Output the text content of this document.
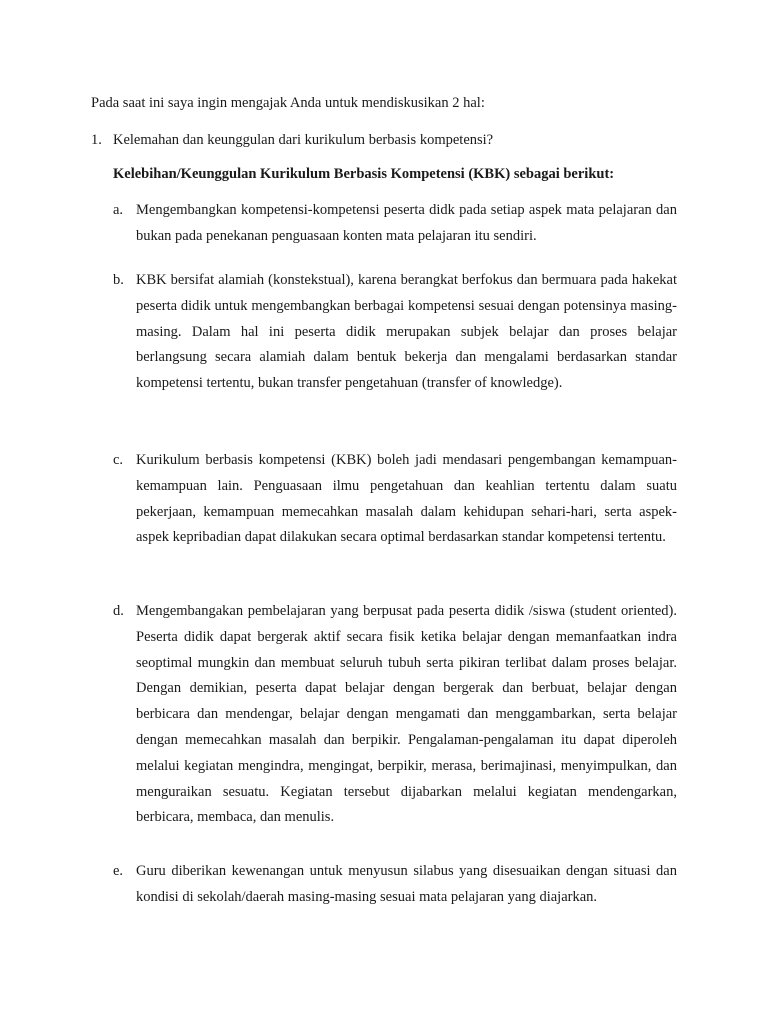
Pada saat ini saya ingin mengajak Anda untuk mendiskusikan 2 hal:
1. Kelemahan dan keunggulan dari kurikulum berbasis kompetensi?
Kelebihan/Keunggulan Kurikulum Berbasis Kompetensi (KBK) sebagai berikut:
a. Mengembangkan kompetensi-kompetensi peserta didk pada setiap aspek mata pelajaran dan bukan pada penekanan penguasaan konten mata pelajaran itu sendiri.
b. KBK bersifat alamiah (konstekstual), karena berangkat berfokus dan bermuara pada hakekat peserta didik untuk mengembangkan berbagai kompetensi sesuai dengan potensinya masing-masing. Dalam hal ini peserta didik merupakan subjek belajar dan proses belajar berlangsung secara alamiah dalam bentuk bekerja dan mengalami berdasarkan standar kompetensi tertentu, bukan transfer pengetahuan (transfer of knowledge).
c. Kurikulum berbasis kompetensi (KBK) boleh jadi mendasari pengembangan kemampuan-kemampuan lain. Penguasaan ilmu pengetahuan dan keahlian tertentu dalam suatu pekerjaan, kemampuan memecahkan masalah dalam kehidupan sehari-hari, serta aspek-aspek kepribadian dapat dilakukan secara optimal berdasarkan standar kompetensi tertentu.
d. Mengembangakan pembelajaran yang berpusat pada peserta didik /siswa (student oriented). Peserta didik dapat bergerak aktif secara fisik ketika belajar dengan memanfaatkan indra seoptimal mungkin dan membuat seluruh tubuh serta pikiran terlibat dalam proses belajar. Dengan demikian, peserta dapat belajar dengan bergerak dan berbuat, belajar dengan berbicara dan mendengar, belajar dengan mengamati dan menggambarkan, serta belajar dengan memecahkan masalah dan berpikir. Pengalaman-pengalaman itu dapat diperoleh melalui kegiatan mengindra, mengingat, berpikir, merasa, berimajinasi, menyimpulkan, dan menguraikan sesuatu. Kegiatan tersebut dijabarkan melalui kegiatan mendengarkan, berbicara, membaca, dan menulis.
e. Guru diberikan kewenangan untuk menyusun silabus yang disesuaikan dengan situasi dan kondisi di sekolah/daerah masing-masing sesuai mata pelajaran yang diajarkan.
